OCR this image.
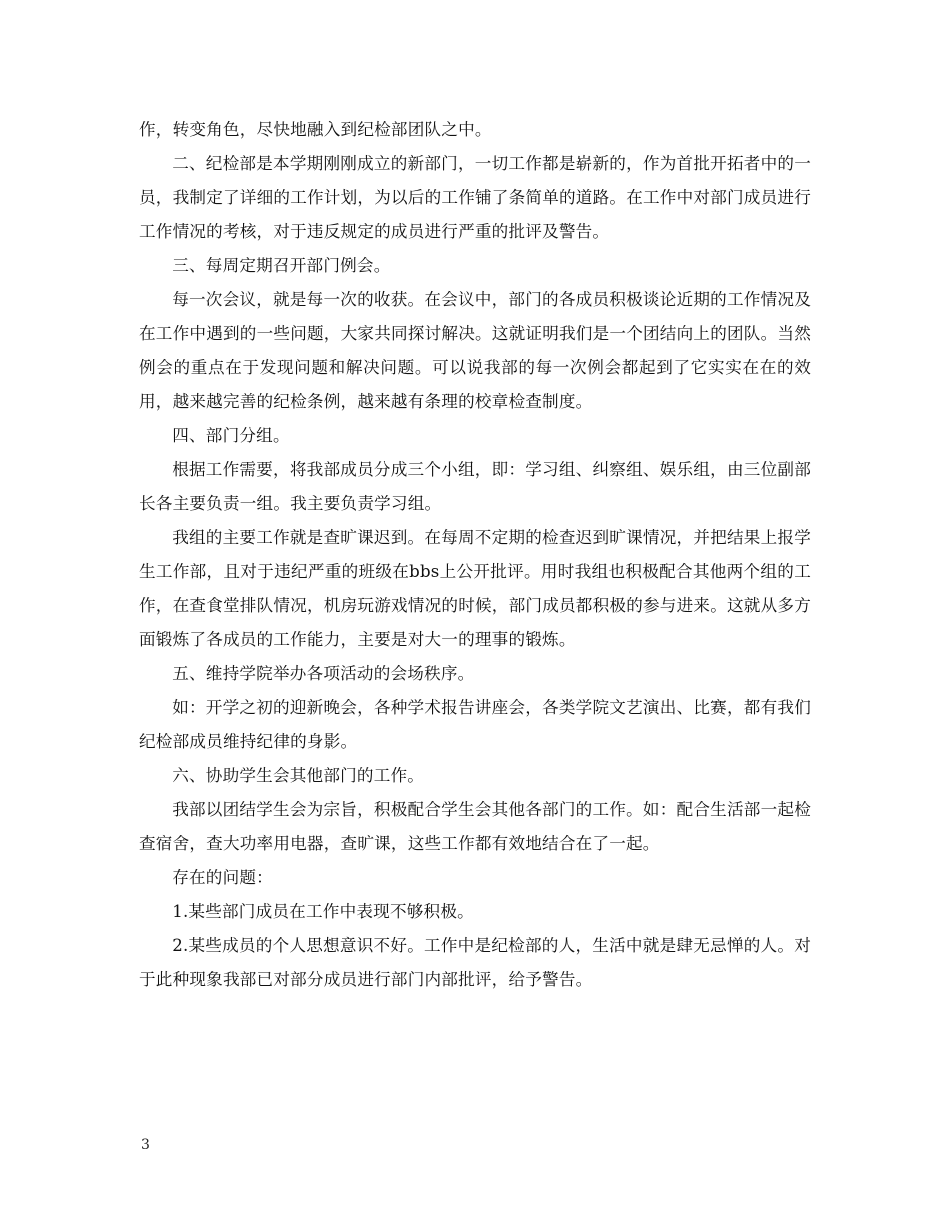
作，转变角色，尽快地融入到纪检部团队之中。

二、纪检部是本学期刚刚成立的新部门，一切工作都是崭新的，作为首批开拓者中的一员，我制定了详细的工作计划，为以后的工作铺了条简单的道路。在工作中对部门成员进行工作情况的考核，对于违反规定的成员进行严重的批评及警告。

三、每周定期召开部门例会。

每一次会议，就是每一次的收获。在会议中，部门的各成员积极谈论近期的工作情况及在工作中遇到的一些问题，大家共同探讨解决。这就证明我们是一个团结向上的团队。当然例会的重点在于发现问题和解决问题。可以说我部的每一次例会都起到了它实实在在的效用，越来越完善的纪检条例，越来越有条理的校章检查制度。

四、部门分组。

根据工作需要，将我部成员分成三个小组，即：学习组、纠察组、娱乐组，由三位副部长各主要负责一组。我主要负责学习组。

我组的主要工作就是查旷课迟到。在每周不定期的检查迟到旷课情况，并把结果上报学生工作部，且对于违纪严重的班级在bbs上公开批评。用时我组也积极配合其他两个组的工作，在查食堂排队情况，机房玩游戏情况的时候，部门成员都积极的参与进来。这就从多方面锻炼了各成员的工作能力，主要是对大一的理事的锻炼。

五、维持学院举办各项活动的会场秩序。

如：开学之初的迎新晚会，各种学术报告讲座会，各类学院文艺演出、比赛，都有我们纪检部成员维持纪律的身影。

六、协助学生会其他部门的工作。

我部以团结学生会为宗旨，积极配合学生会其他各部门的工作。如：配合生活部一起检查宿舍，查大功率用电器，查旷课，这些工作都有效地结合在了一起。

存在的问题：

1.某些部门成员在工作中表现不够积极。

2.某些成员的个人思想意识不好。工作中是纪检部的人，生活中就是肆无忌惮的人。对于此种现象我部已对部分成员进行部门内部批评，给予警告。

3
